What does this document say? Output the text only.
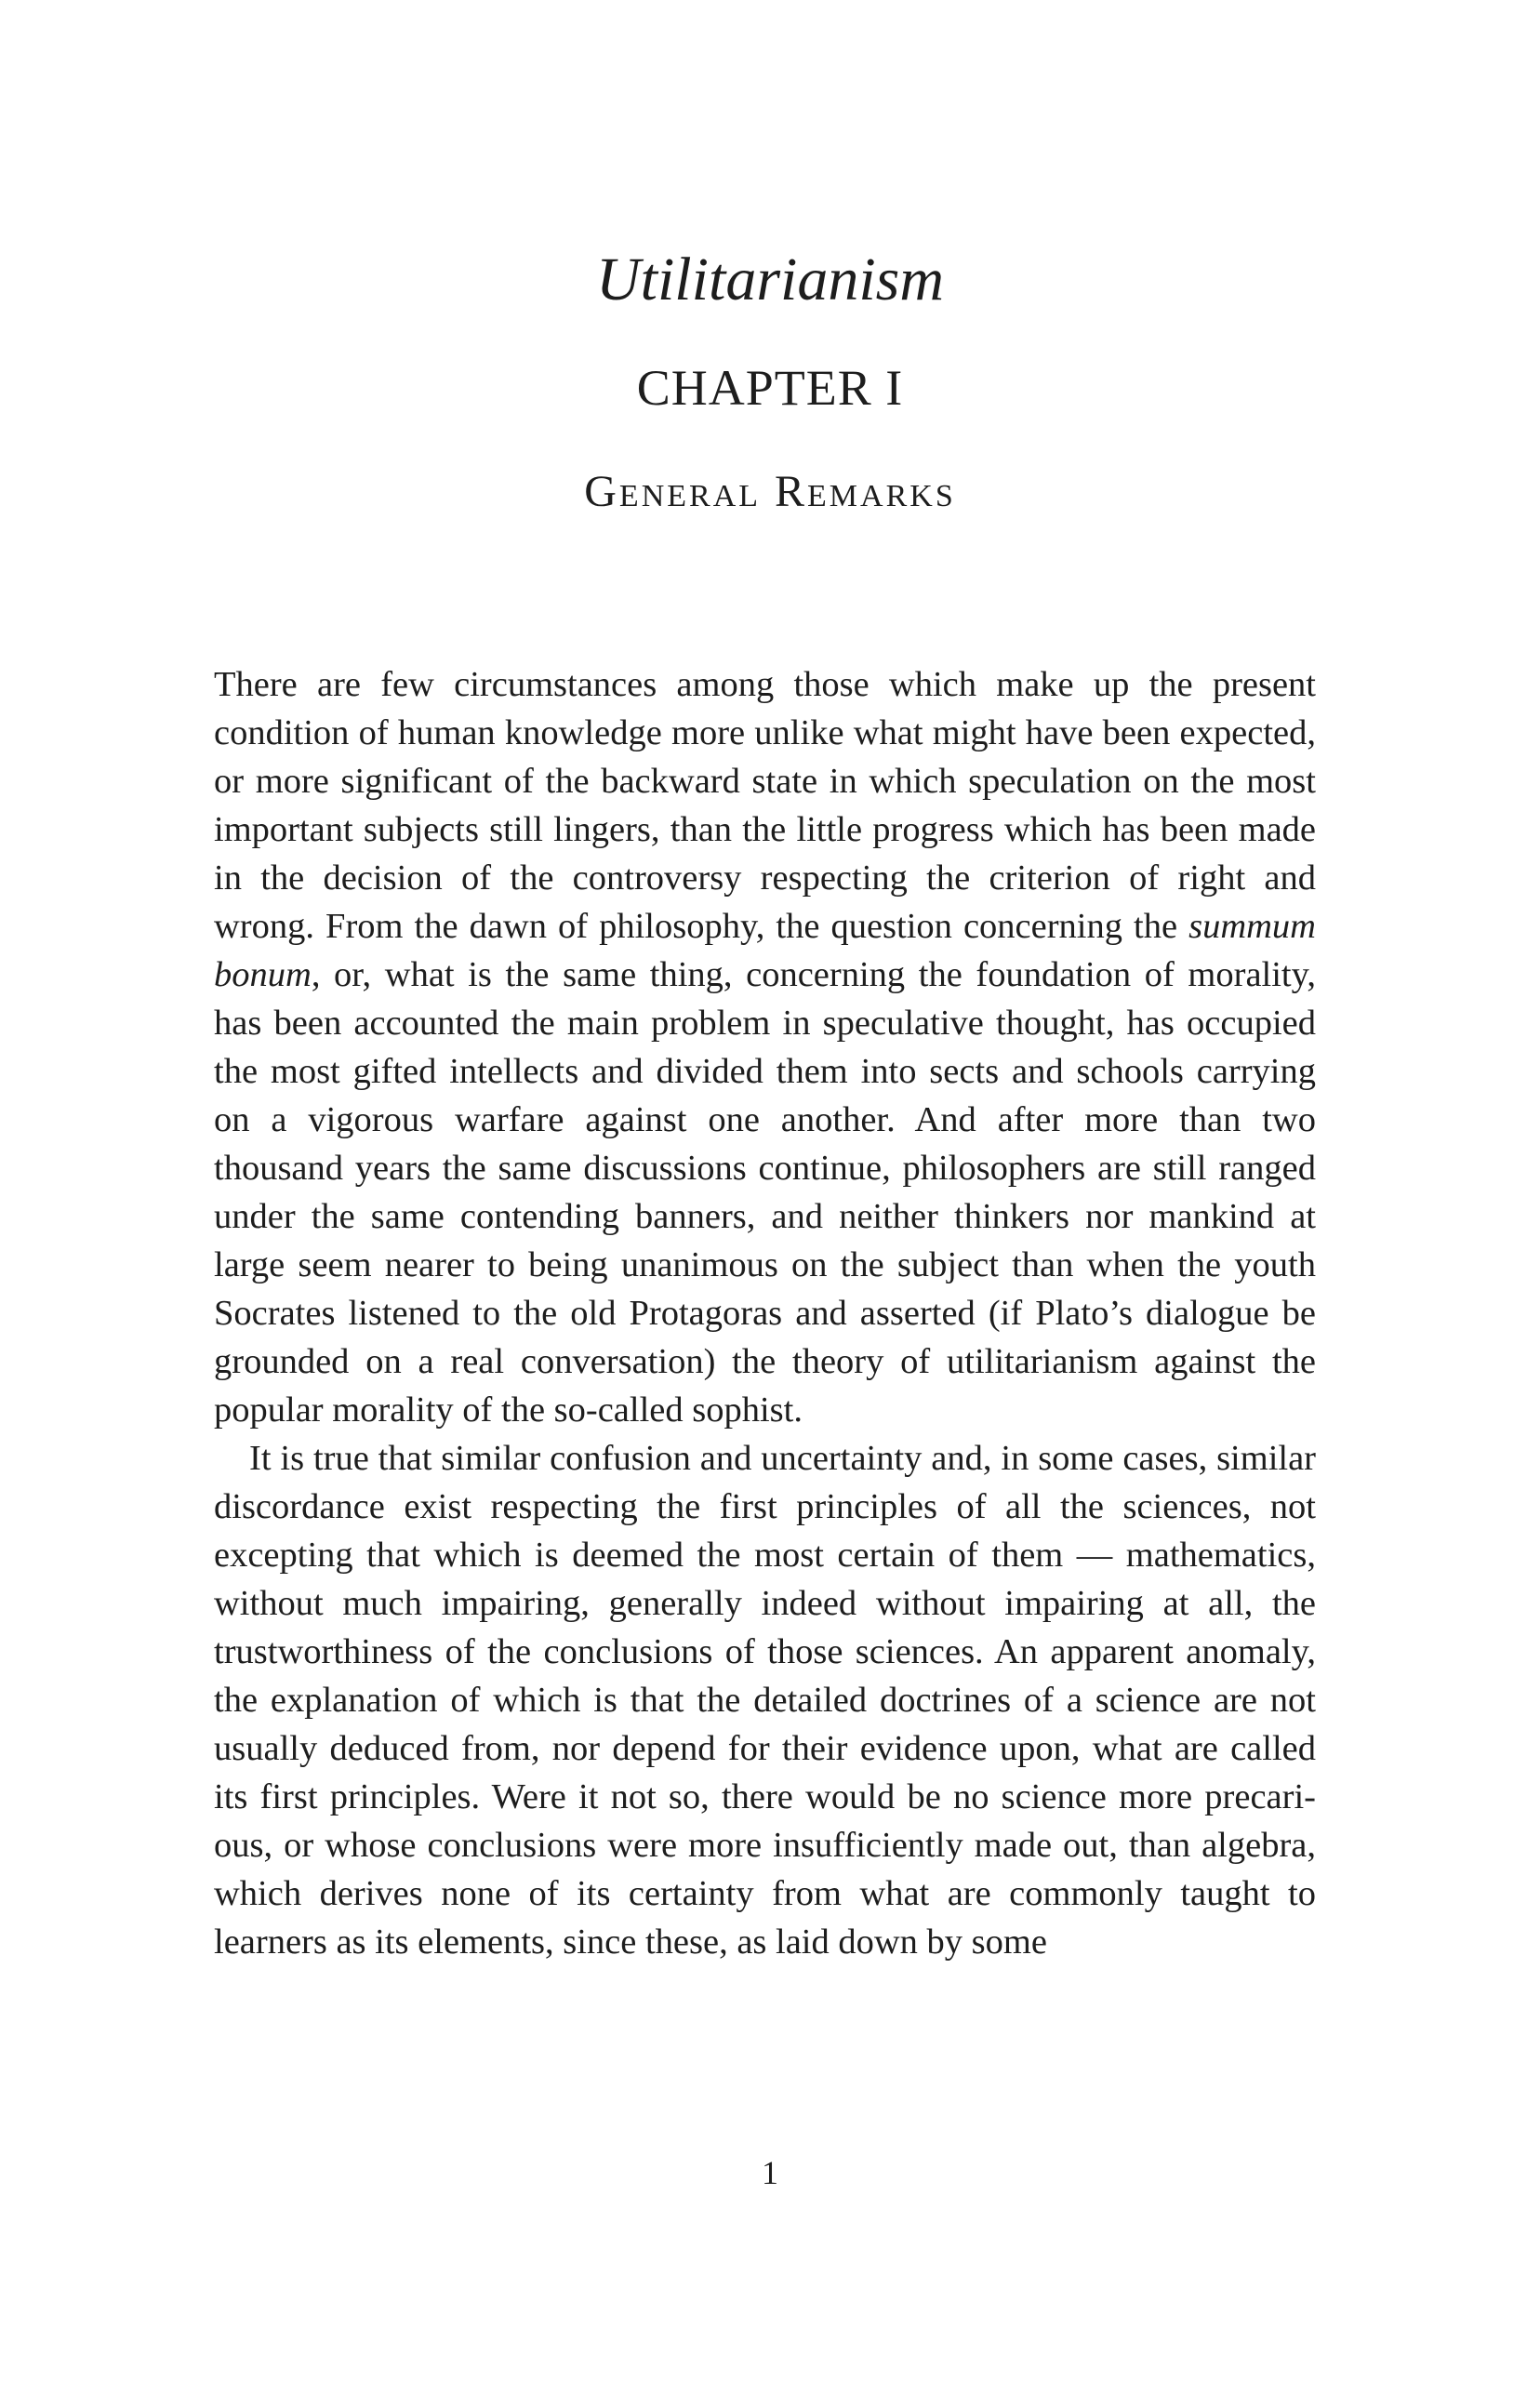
Utilitarianism
CHAPTER I
General Remarks

There are few circumstances among those which make up the present condition of human knowledge more unlike what might have been expected, or more significant of the backward state in which speculation on the most important subjects still lingers, than the little progress which has been made in the decision of the controversy respecting the criterion of right and wrong. From the dawn of philosophy, the question concerning the summum bonum, or, what is the same thing, concerning the foundation of morality, has been accounted the main problem in speculative thought, has occupied the most gifted intellects and divided them into sects and schools carrying on a vigorous warfare against one another. And after more than two thousand years the same discussions continue, philosophers are still ranged under the same contending banners, and neither thinkers nor mankind at large seem nearer to being unanimous on the subject than when the youth Socrates listened to the old Protagoras and asserted (if Plato’s dialogue be grounded on a real conversation) the theory of utilitarianism against the popular morality of the so-called sophist.

It is true that similar confusion and uncertainty and, in some cases, similar discordance exist respecting the first principles of all the sciences, not excepting that which is deemed the most certain of them — mathematics, without much impairing, generally indeed without impairing at all, the trustworthiness of the conclusions of those sciences. An apparent anomaly, the explanation of which is that the detailed doctrines of a science are not usually deduced from, nor depend for their evidence upon, what are called its first principles. Were it not so, there would be no science more precarious, or whose conclusions were more insufficiently made out, than algebra, which derives none of its certainty from what are commonly taught to learners as its elements, since these, as laid down by some

1
